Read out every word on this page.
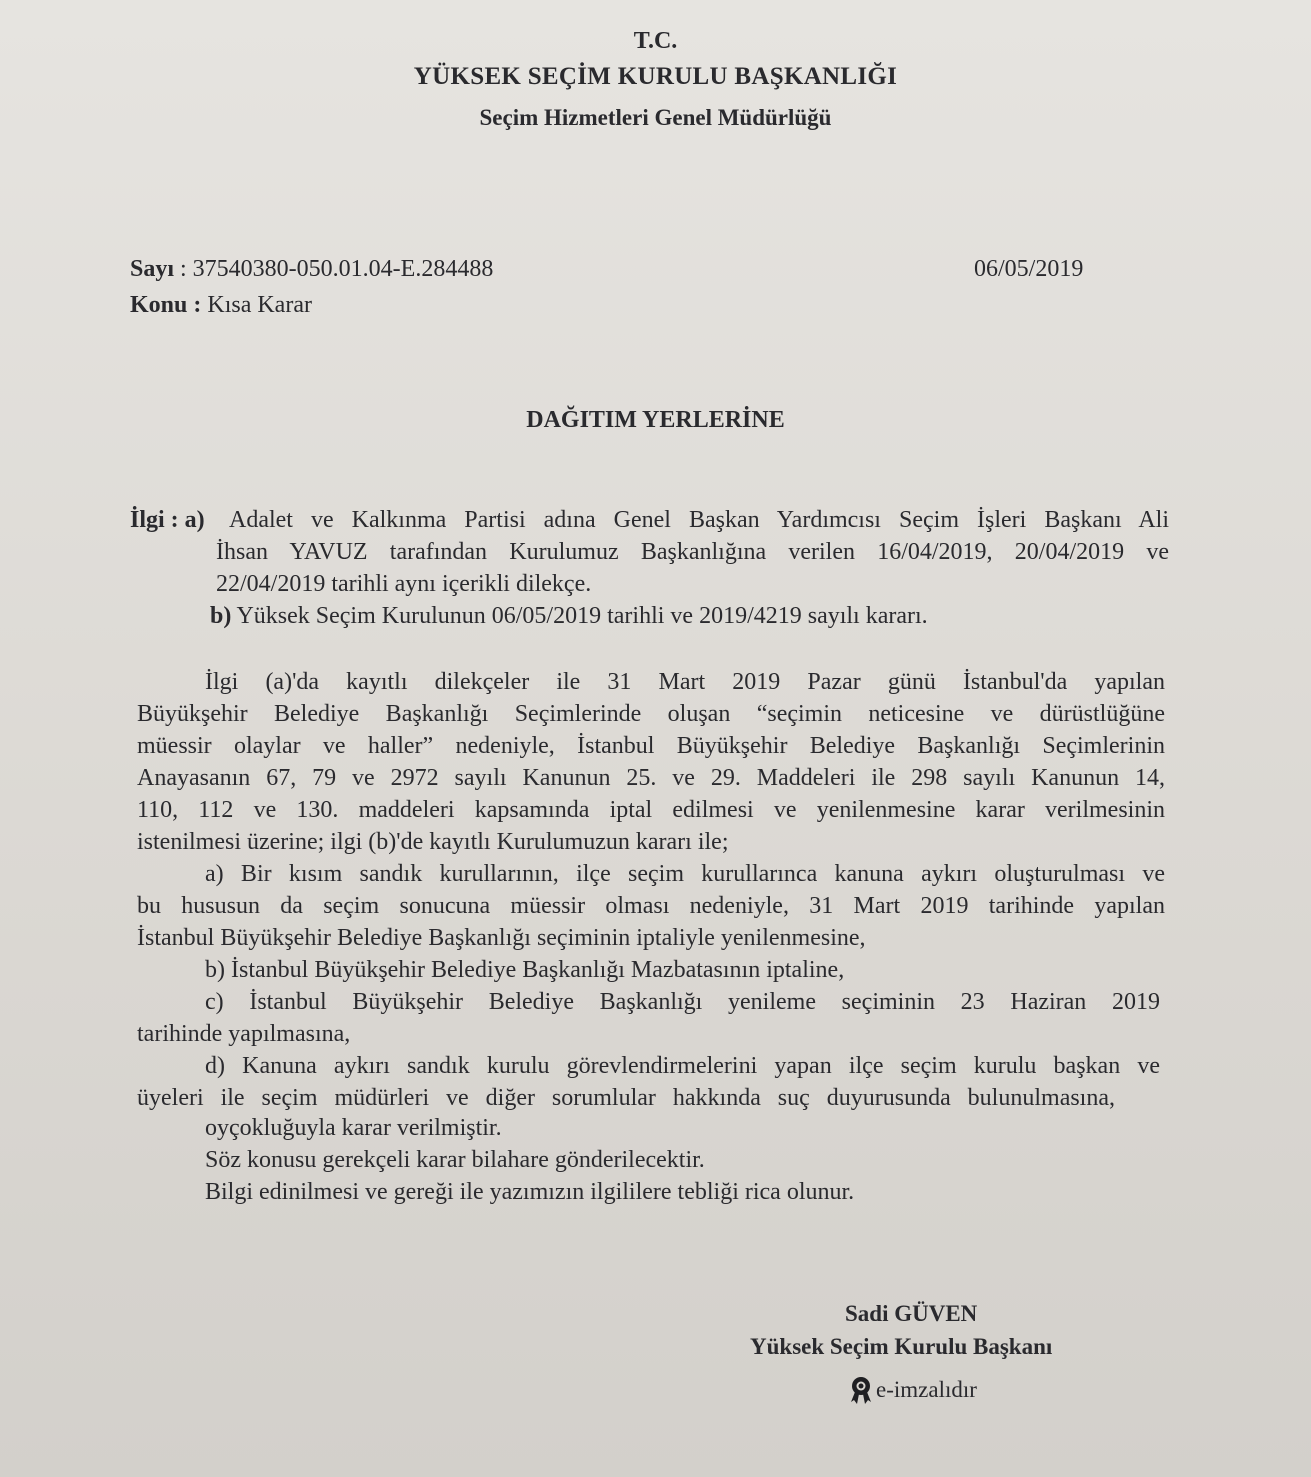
T.C.
YÜKSEK SEÇİM KURULU BAŞKANLIĞI
Seçim Hizmetleri Genel Müdürlüğü
Sayı : 37540380-050.01.04-E.284488	06/05/2019
Konu : Kısa Karar
DAĞITIM YERLERİNE
İlgi : a) Adalet ve Kalkınma Partisi adına Genel Başkan Yardımcısı Seçim İşleri Başkanı Ali
İhsan YAVUZ tarafından Kurulumuz Başkanlığına verilen 16/04/2019, 20/04/2019 ve
22/04/2019 tarihli aynı içerikli dilekçe.
b) Yüksek Seçim Kurulunun 06/05/2019 tarihli ve 2019/4219 sayılı kararı.
İlgi (a)'da kayıtlı dilekçeler ile 31 Mart 2019 Pazar günü İstanbul'da yapılan
Büyükşehir Belediye Başkanlığı Seçimlerinde oluşan “seçimin neticesine ve dürüstlüğüne
müessir olaylar ve haller” nedeniyle, İstanbul Büyükşehir Belediye Başkanlığı Seçimlerinin
Anayasanın 67, 79 ve 2972 sayılı Kanunun 25. ve 29. Maddeleri ile 298 sayılı Kanunun 14,
110, 112 ve 130. maddeleri kapsamında iptal edilmesi ve yenilenmesine karar verilmesinin
istenilmesi üzerine; ilgi (b)'de kayıtlı Kurulumuzun kararı ile;
a) Bir kısım sandık kurullarının, ilçe seçim kurullarınca kanuna aykırı oluşturulması ve
bu hususun da seçim sonucuna müessir olması nedeniyle, 31 Mart 2019 tarihinde yapılan
İstanbul Büyükşehir Belediye Başkanlığı seçiminin iptaliyle yenilenmesine,
b) İstanbul Büyükşehir Belediye Başkanlığı Mazbatasının iptaline,
c) İstanbul Büyükşehir Belediye Başkanlığı yenileme seçiminin 23 Haziran 2019
tarihinde yapılmasına,
d) Kanuna aykırı sandık kurulu görevlendirmelerini yapan ilçe seçim kurulu başkan ve
üyeleri ile seçim müdürleri ve diğer sorumlular hakkında suç duyurusunda bulunulmasına,
oyçokluğuyla karar verilmiştir.
Söz konusu gerekçeli karar bilahare gönderilecektir.
Bilgi edinilmesi ve gereği ile yazımızın ilgililere tebliği rica olunur.
Sadi GÜVEN
Yüksek Seçim Kurulu Başkanı
e-imzalıdır
